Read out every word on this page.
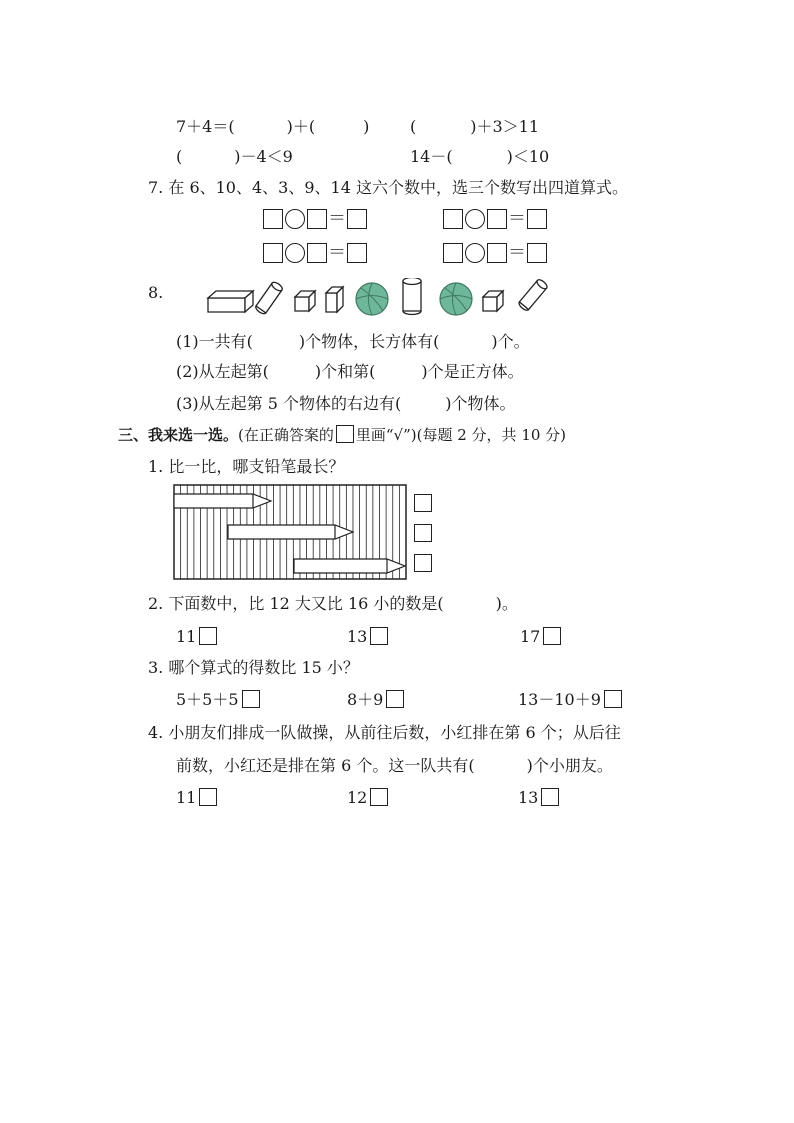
7＋4＝(	)＋(	)	(	)＋3＞11
(	)－4＜9	14－(	)＜10
7. 在 6、10、4、3、9、14 这六个数中，选三个数写出四道算式。
＝	＝
＝	＝
8.
(1)一共有(	)个物体，长方体有(	)个。
(2)从左起第(	)个和第(	)个是正方体。
(3)从左起第 5 个物体的右边有(	)个物体。
三、我来选一选。(在正确答案的 里画“√”)(每题 2 分，共 10 分)
1. 比一比，哪支铅笔最长？
2. 下面数中，比 12 大又比 16 小的数是(	)。
11	13	17
3. 哪个算式的得数比 15 小？
5＋5＋5	8＋9	13－10＋9
4. 小朋友们排成一队做操，从前往后数，小红排在第 6 个；从后往
前数，小红还是排在第 6 个。这一队共有(	)个小朋友。
11	12	13
